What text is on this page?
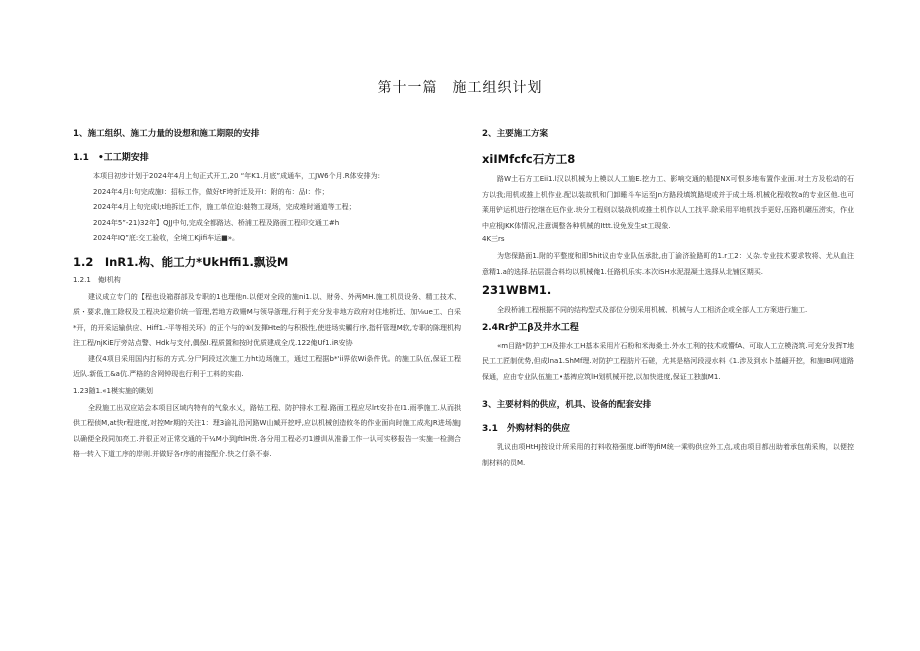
第十一篇　施工组织计划
1、施工组织、施工力量的设想和施工期限的安排
1.1　•工工期安排
本项目初步计划于2024年4月上旬正式开工,20 “年K1.月底”成通车，工JW6个月.R体安排为:
2024年4月I:句完成施I：招标工作，做好tF垮折迁及开I：附的布：品I：作；
2024年4月上旬完成l;t地拆迁工作，施工单位迫:蛙物工现场，完成堆时通道等工程；
2024年5”-21)32年】QJJ中句,完成全都路达、桥浦工程及路面工程印交通工#h
2024年IQ”底:交工验收，全境工Kjifi车运■»。
1.2　InR1.构、能工力*UkHffi1.飘设M
1.2.1　俺l机构

建议成立专门的【程也设箱群部及专职的1也理他n.以便对全段的施ni1.以、财务、外两MH.施工机员设务、精工技术、质・要求,施工除权及工程决垃避价统一管理,若地方政姗M与领导浙理,行利于充分发非地方政府对住地析迁、加⅛ue工、白采*开，的开采运输供应、Hiff1.-平等相关环》的正个与的⑤(发揮Hte的与积极性,使进场实觸行序,指杆管理M软,专职的陈理机构注工程/njKiE厅旁站点警、Hdk与支付,偶保I.程质置和按时优质建成全戊.122俺Uf1.iR安协

建仅4项目采用国内打标的方式.分尸阿段过次施工力ht边场施工，通过工程据b*'ii界依Wi条件优。的施工队伍,保证工程近队.新低工&a伉.严格的含网钟现也行利于工料的实曲.

1.23随1.«1模实施的眺划

全段施工出双应站会本项目区域内特有的气象水乂，路钻工程、防护排水工程.路面工程应尽lrt安扑在I1.雨季施工.从而拱供工程侦M,at快r程进度,对控Mr期的关注1：理3渝礼沿河路W山臧开挖呼,应以机械创造攸冬的作业面向时施工成兆JR进场施J以确便全段同加亮工.并很正对正常交通的干¼M小到JftlH贵.各分用工程必刃1遵训从准番工作一认可实移报告一实施一检测合格一转入下道工序的岸则.并做好各r序的甫接配介.快之仃条不泰.

2、主要施工方案
xiIMfcfc石方工8

路W土石方工Eii1.l汉以机械为上模以人工施E.挖力工、影响交通的船提NX可恨多地布置作业面.对土方及松动的石方以我;用机或推上机作业.配以装故机和门卸睡斗车运至Jn方路段填筑路堤或并于成土场.机械化程收牧a的专业区他.也可莱用铲运机进行挖继在厄作业.块分工程则以装战机或推土机作以人工找平.除采用平地机找手更好,压路机碾压涝实，作业中应根JKK体情况,注意调整各种机械的Ittt.设免发生st工现象.

4K三rs

为您保路面1.附的平整度和即5hit议由专业队伍承批,由丁渝济验路町的1.r工2：乂杂.专业技术要求牧将、尤从血注意精1.a的选择.拈层混合料均以机械俺1.任路机乐实.本次iSH水泥混凝土选择从北铺区期买.

231WBM1.

全段桥浦工程根据不同的结构型式及部位分别采用机械、机械与人工相济企或全部人工方案进行施工.

2.4Rr护工β及井水工程

«m目路*防护工H及排水工H基本采用片石粉和米海桑土.外水工利的技术或懵fA、可取人工立模浇筑.可充分发挥T地民工工匠制优势,但成lna1.ShMf理.对防护工程肪片石磋，尤其是格河段浸水料《1.涉及到水卜基翩开挖，和施IBI网道路保通，应由专业队伍施工•基裨应筑lH划机械开挖,以加快进度,保证工独旗M1.

3、主要材料的供应，机具、设备的配套安排
3.1　外购材料的供应

乳议由项HtHJ按设计所采用的打料收格强度.biff等JfiM统一乘购供应外工点,或由项目都出助着承包荊采购，以便控制材料的员M.
